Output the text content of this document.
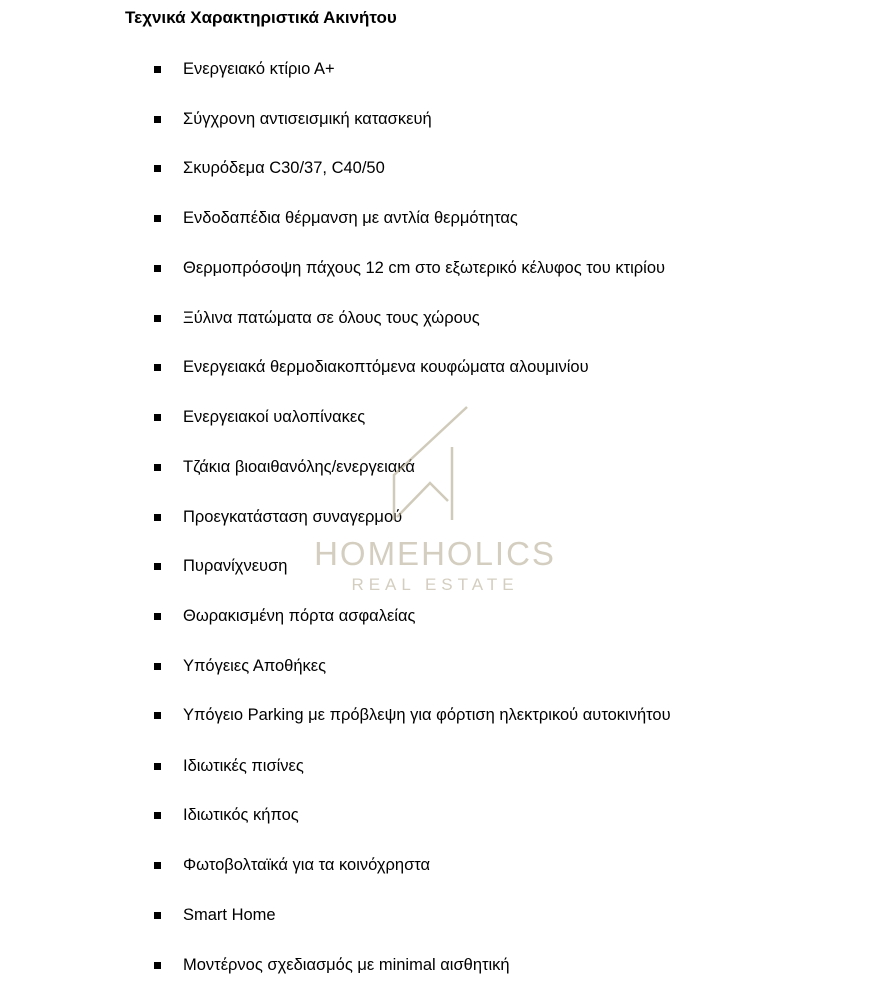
Τεχνικά Χαρακτηριστικά Ακινήτου
Ενεργειακό κτίριο Α+
Σύγχρονη αντισεισμική κατασκευή
Σκυρόδεμα C30/37, C40/50
Ενδοδαπέδια θέρμανση με αντλία θερμότητας
Θερμοπρόσοψη πάχους 12 cm στο εξωτερικό κέλυφος του κτιρίου
Ξύλινα πατώματα σε όλους τους χώρους
Ενεργειακά θερμοδιακοπτόμενα κουφώματα αλουμινίου
Ενεργειακοί υαλοπίνακες
Τζάκια βιοαιθανόλης/ενεργειακά
Προεγκατάσταση συναγερμού
Πυρανίχνευση
Θωρακισμένη πόρτα ασφαλείας
Υπόγειες Αποθήκες
Υπόγειο Parking με πρόβλεψη για φόρτιση ηλεκτρικού αυτοκινήτου
Ιδιωτικές πισίνες
Ιδιωτικός κήπος
Φωτοβολταϊκά για τα κοινόχρηστα
Smart Home
Μοντέρνος σχεδιασμός με minimal αισθητική
HOMEHOLICS
REAL ESTATE
